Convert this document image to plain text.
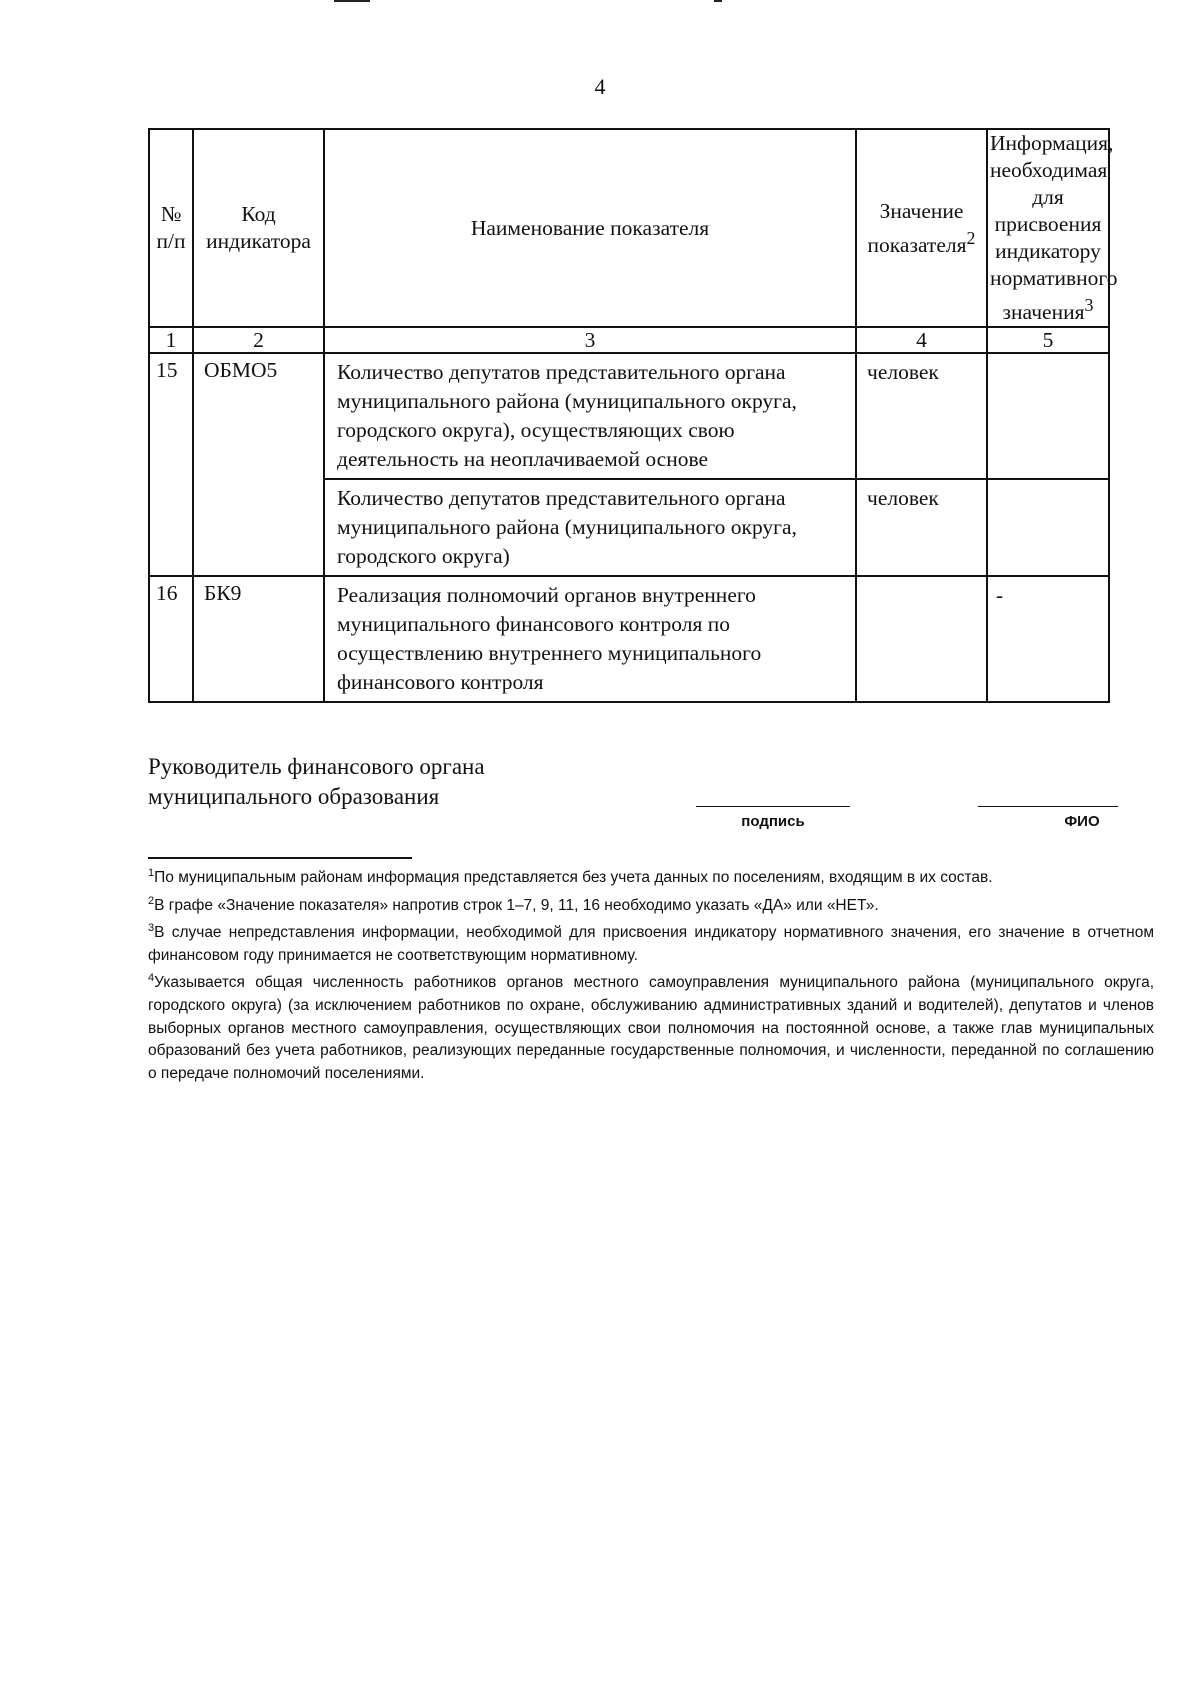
4
№ п/п	Код индикатора	Наименование показателя	Значение показателя$^2$	Информация, необходимая для присвоения индикатору нормативного значения$^3$
1	2	3	4	5
15	ОБМО5	Количество депутатов представительного органа муниципального района (муниципального округа, городского округа), осуществляющих свою деятельность на неоплачиваемой основе	человек	
		Количество депутатов представительного органа муниципального района (муниципального округа, городского округа)	человек	
16	БК9	Реализация полномочий органов внутреннего муниципального финансового контроля по осуществлению внутреннего муниципального финансового контроля		-
Руководитель финансового органа
муниципального образования
подпись	ФИО

$^1$По муниципальным районам информация представляется без учета данных по поселениям, входящим в их состав.

$^2$В графе «Значение показателя» напротив строк 1–7, 9, 11, 16 необходимо указать «ДА» или «НЕТ».

$^3$В случае непредставления информации, необходимой для присвоения индикатору нормативного значения, его значение в отчетном финансовом году принимается не соответствующим нормативному.

$^4$Указывается общая численность работников органов местного самоуправления муниципального района (муниципального округа, городского округа) (за исключением работников по охране, обслуживанию административных зданий и водителей), депутатов и членов выборных органов местного самоуправления, осуществляющих свои полномочия на постоянной основе, а также глав муниципальных образований без учета работников, реализующих переданные государственные полномочия, и численности, переданной по соглашению о передаче полномочий поселениями.
